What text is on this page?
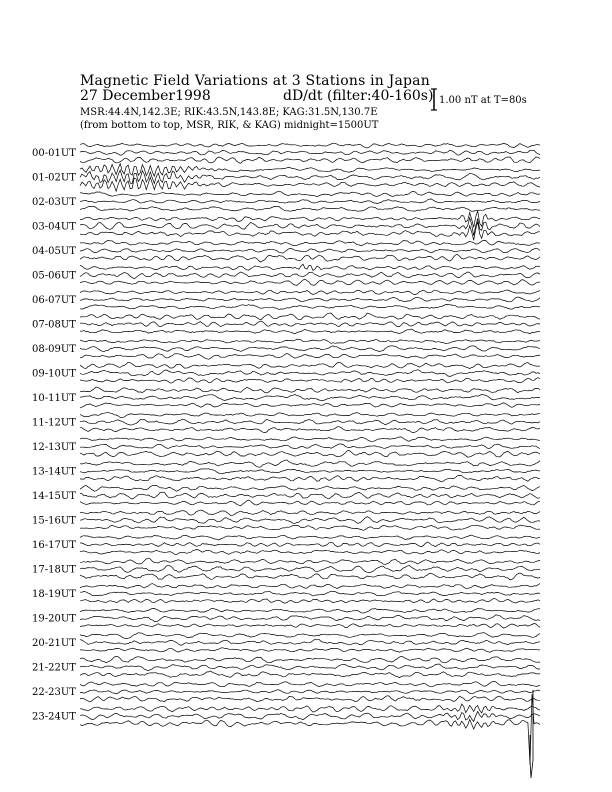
Magnetic Field Variations at 3 Stations in Japan
27 December1998	dD/dt (filter:40-160s)
MSR:44.4N,142.3E; RIK:43.5N,143.8E; KAG:31.5N,130.7E
(from bottom to top, MSR, RIK, & KAG) midnight=1500UT
1.00 nT at T=80s
00-01UT
01-02UT
02-03UT
03-04UT
04-05UT
05-06UT
06-07UT
07-08UT
08-09UT
09-10UT
10-11UT
11-12UT
12-13UT
13-14UT
14-15UT
15-16UT
16-17UT
17-18UT
18-19UT
19-20UT
20-21UT
21-22UT
22-23UT
23-24UT
